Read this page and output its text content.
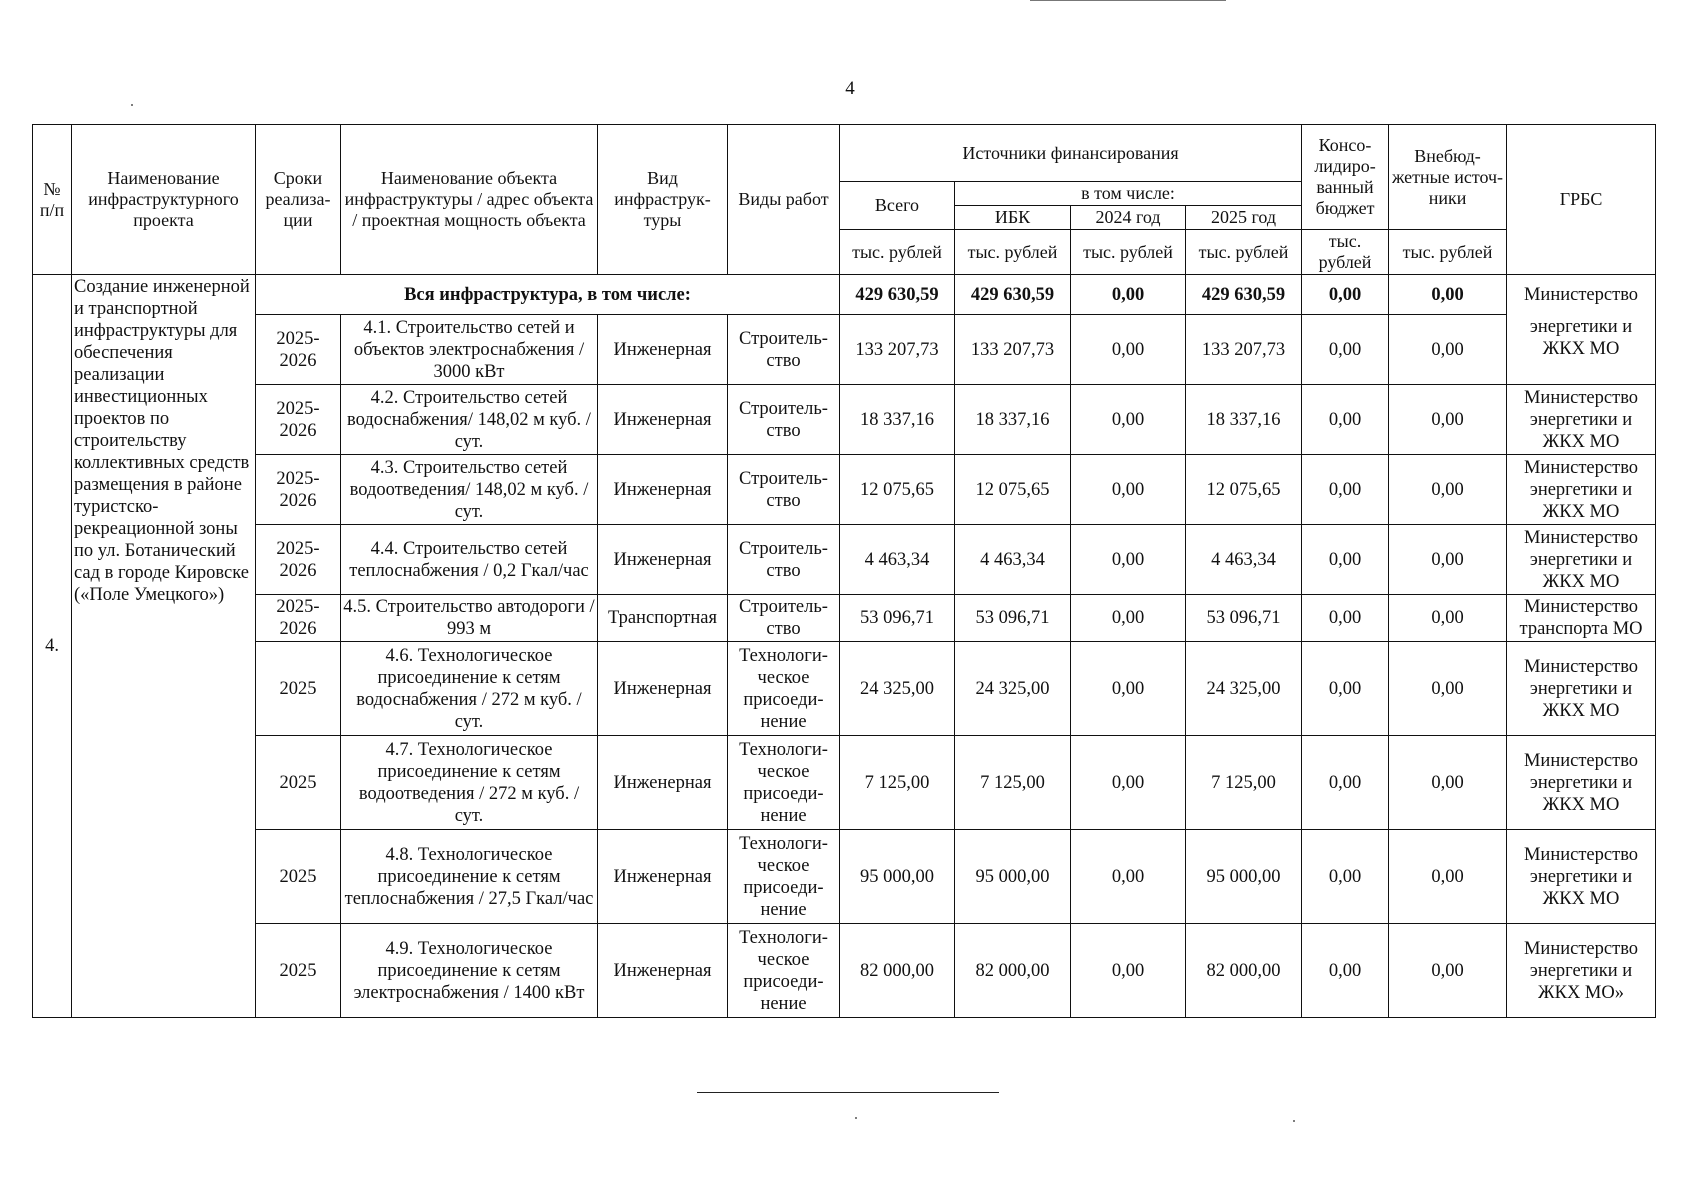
4
№ п/п	Наименование инфраструктурного проекта	Сроки реализа-ции	Наименование объекта инфраструктуры / адрес объекта / проектная мощность объекта	Вид инфраструк-туры	Виды работ	Источники финансирования				Консо-лидиро-ванный бюджет	Внебюд-жетные источ-ники	ГРБС
						Всего	в том числе:					
							ИБК	2024 год	2025 год			
						тыс. рублей	тыс. рублей	тыс. рублей	тыс. рублей	тыс. рублей	тыс. рублей	
4.	Создание инженерной и транспортной инфраструктуры для обеспечения реализации инвестиционных проектов по строительству коллективных средств размещения в районе туристско-рекреационной зоны по ул. Ботанический сад в городе Кировске («Поле Умецкого»)	Вся инфраструктура, в том числе:				429 630,59	429 630,59	0,00	429 630,59	0,00	0,00	Министерство
		2025-2026	4.1. Строительство сетей и объектов электроснабжения / 3000 кВт	Инженерная	Строитель-ство	133 207,73	133 207,73	0,00	133 207,73	0,00	0,00	энергетики и ЖКХ МО
		2025-2026	4.2. Строительство сетей водоснабжения/ 148,02 м куб. / сут.	Инженерная	Строитель-ство	18 337,16	18 337,16	0,00	18 337,16	0,00	0,00	Министерство энергетики и ЖКХ МО
		2025-2026	4.3. Строительство сетей водоотведения/ 148,02 м куб. / сут.	Инженерная	Строитель-ство	12 075,65	12 075,65	0,00	12 075,65	0,00	0,00	Министерство энергетики и ЖКХ МО
		2025-2026	4.4. Строительство сетей теплоснабжения / 0,2 Гкал/час	Инженерная	Строитель-ство	4 463,34	4 463,34	0,00	4 463,34	0,00	0,00	Министерство энергетики и ЖКХ МО
		2025-2026	4.5. Строительство автодороги / 993 м	Транспортная	Строитель-ство	53 096,71	53 096,71	0,00	53 096,71	0,00	0,00	Министерство транспорта МО
		2025	4.6. Технологическое присоединение к сетям водоснабжения / 272 м куб. / сут.	Инженерная	Технологи-ческое присоеди-нение	24 325,00	24 325,00	0,00	24 325,00	0,00	0,00	Министерство энергетики и ЖКХ МО
		2025	4.7. Технологическое присоединение к сетям водоотведения / 272 м куб. / сут.	Инженерная	Технологи-ческое присоеди-нение	7 125,00	7 125,00	0,00	7 125,00	0,00	0,00	Министерство энергетики и ЖКХ МО
		2025	4.8. Технологическое присоединение к сетям теплоснабжения / 27,5 Гкал/час	Инженерная	Технологи-ческое присоеди-нение	95 000,00	95 000,00	0,00	95 000,00	0,00	0,00	Министерство энергетики и ЖКХ МО
		2025	4.9. Технологическое присоединение к сетям электроснабжения / 1400 кВт	Инженерная	Технологи-ческое присоеди-нение	82 000,00	82 000,00	0,00	82 000,00	0,00	0,00	Министерство энергетики и ЖКХ МО»
